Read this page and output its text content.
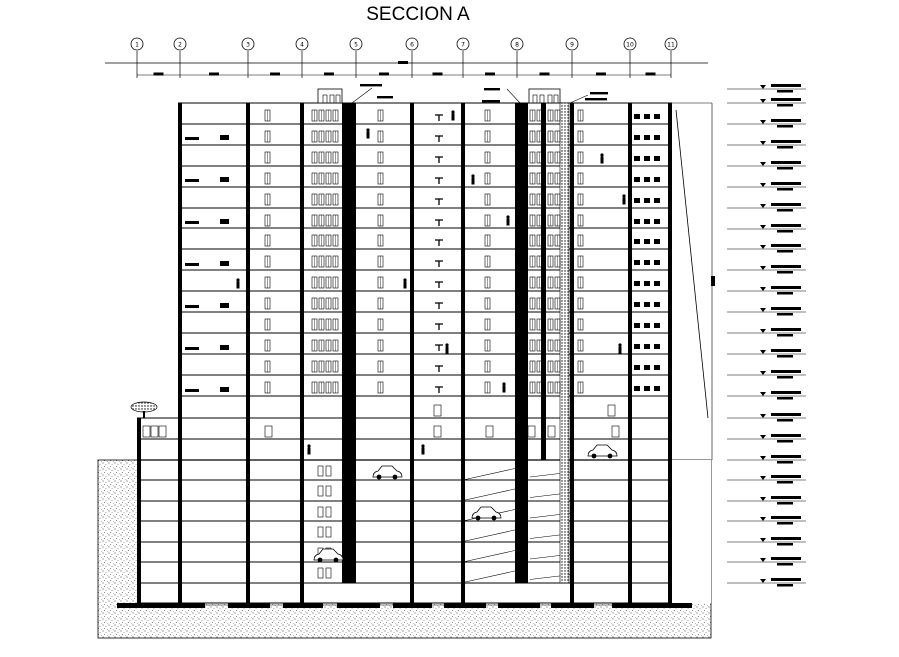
SECCION A
1	2	3	4	5	6	7	8	9	10	11
